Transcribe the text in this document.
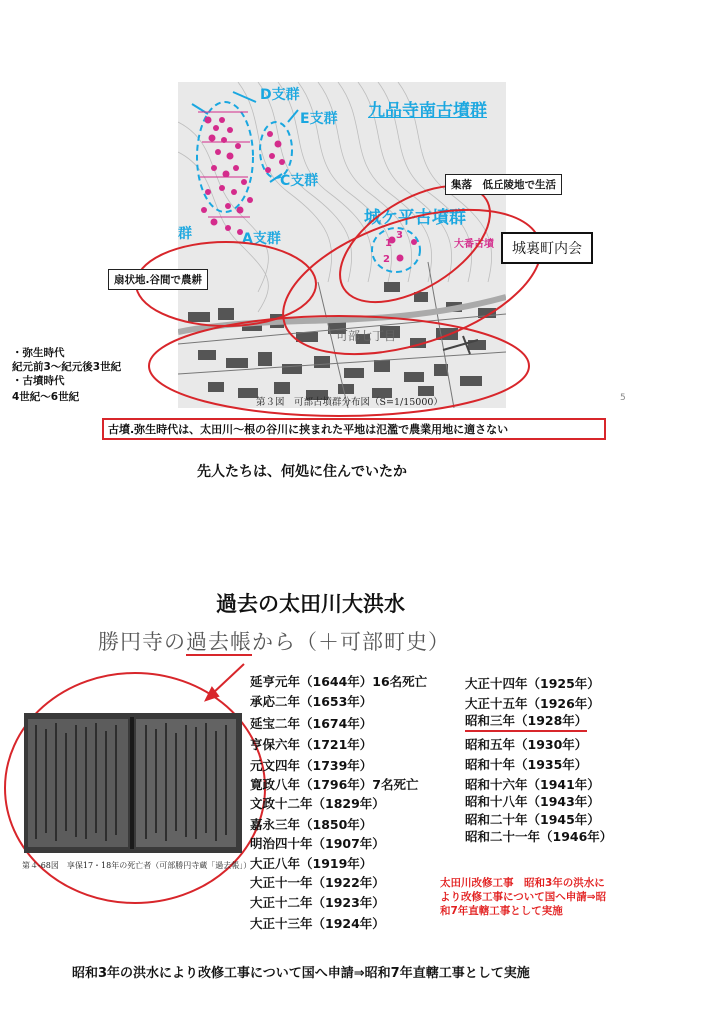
D支群
E支群 九品寺南古墳群
C支群
群	A支群
城ケ平古墳群
大番古墳
3
1
2
可部七丁目
第３図　可部古墳群分布図（S=1/15000）
集落　低丘陵地で生活
扇状地.谷間で農耕
城裏町内会
・弥生時代
紀元前3～紀元後3世紀
・古墳時代
4世紀～6世紀
古墳.弥生時代は、太田川～根の谷川に挟まれた平地は氾濫で農業用地に適さない
5
先人たちは、何処に住んでいたか
過去の太田川大洪水
勝円寺の過去帳から（＋可部町史）
第４-68図　享保17・18年の死亡者（可部勝円寺蔵「過去帳」）
延亨元年（1644年）16名死亡
承応二年（1653年）
延宝二年（1674年）
亨保六年（1721年）
元文四年（1739年）
寛政八年（1796年）7名死亡
文政十二年（1829年）
嘉永三年（1850年）
明治四十年（1907年）
大正八年（1919年）
大正十一年（1922年）
大正十二年（1923年）
大正十三年（1924年）
大正十四年（1925年）
大正十五年（1926年）
昭和三年（1928年）
昭和五年（1930年）
昭和十年（1935年）
昭和十六年（1941年）
昭和十八年（1943年）
昭和二十年（1945年）
昭和二十一年（1946年）
太田川改修工事　昭和3年の洪水に
より改修工事について国へ申請⇒昭
和7年直轄工事として実施
昭和3年の洪水により改修工事について国へ申請⇒昭和7年直轄工事として実施
